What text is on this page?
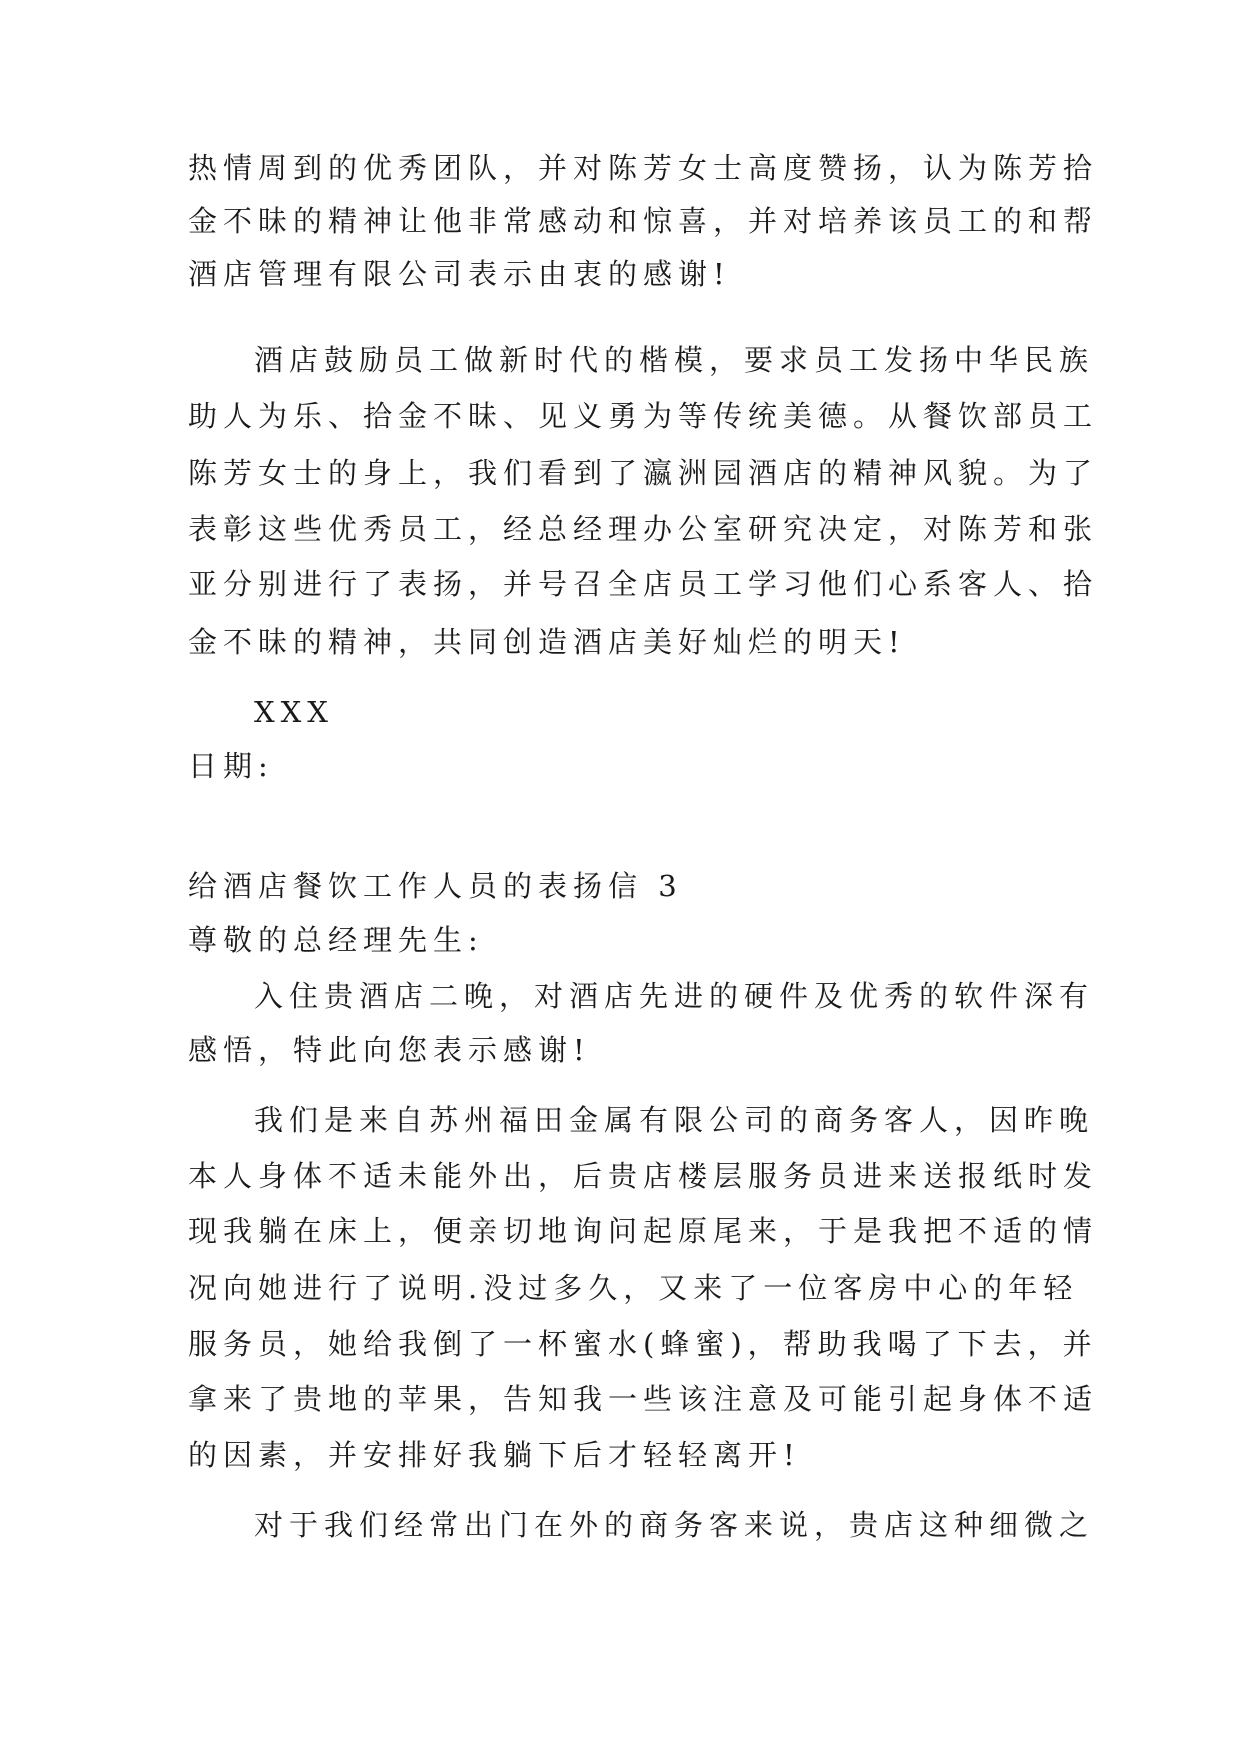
热情周到的优秀团队，并对陈芳女士高度赞扬，认为陈芳拾

金不昧的精神让他非常感动和惊喜，并对培养该员工的和帮

酒店管理有限公司表示由衷的感谢!

酒店鼓励员工做新时代的楷模，要求员工发扬中华民族

助人为乐、拾金不昧、见义勇为等传统美德。从餐饮部员工

陈芳女士的身上，我们看到了瀛洲园酒店的精神风貌。为了

表彰这些优秀员工，经总经理办公室研究决定，对陈芳和张

亚分别进行了表扬，并号召全店员工学习他们心系客人、拾

金不昧的精神，共同创造酒店美好灿烂的明天!

XXX

日期:

给酒店餐饮工作人员的表扬信 3

尊敬的总经理先生:

入住贵酒店二晚，对酒店先进的硬件及优秀的软件深有

感悟，特此向您表示感谢!

我们是来自苏州福田金属有限公司的商务客人，因昨晚

本人身体不适未能外出，后贵店楼层服务员进来送报纸时发

现我躺在床上，便亲切地询问起原尾来，于是我把不适的情

况向她进行了说明.没过多久，又来了一位客房中心的年轻

服务员，她给我倒了一杯蜜水(蜂蜜)，帮助我喝了下去，并

拿来了贵地的苹果，告知我一些该注意及可能引起身体不适

的因素，并安排好我躺下后才轻轻离开!

对于我们经常出门在外的商务客来说，贵店这种细微之
